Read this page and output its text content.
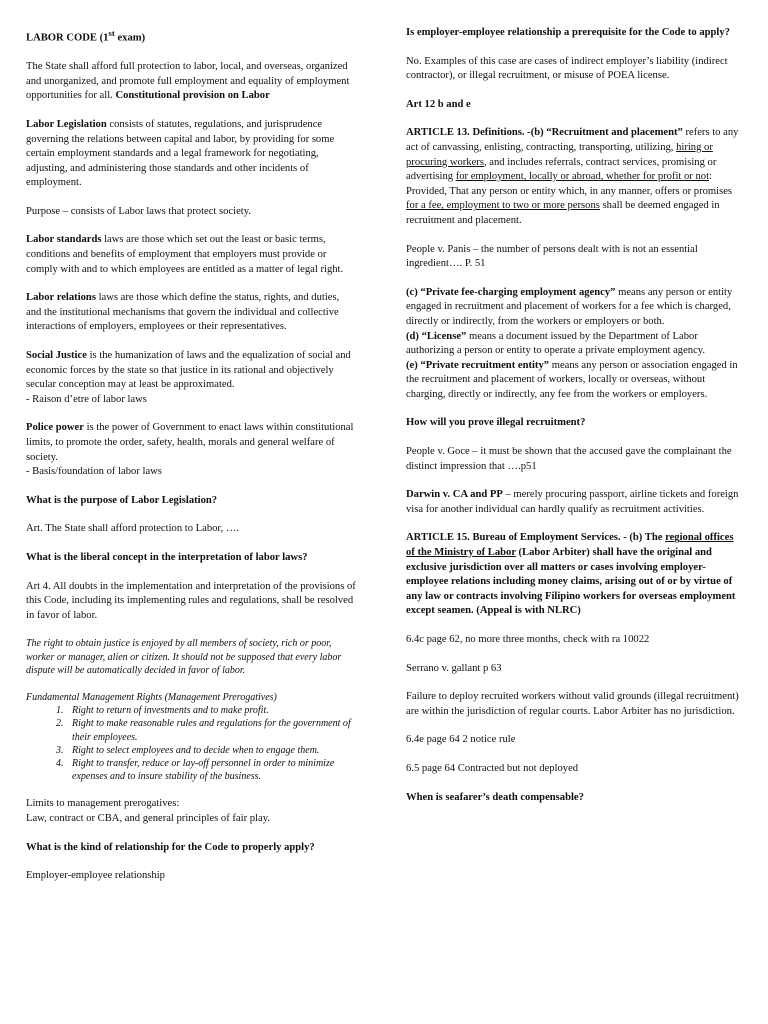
LABOR CODE (1st exam)

The State shall afford full protection to labor, local, and overseas, organized and unorganized, and promote full employment and equality of employment opportunities for all. Constitutional provision on Labor

Labor Legislation consists of statutes, regulations, and jurisprudence governing the relations between capital and labor, by providing for some certain employment standards and a legal framework for negotiating, adjusting, and administering those standards and other incidents of employment.

Purpose – consists of Labor laws that protect society.

Labor standards laws are those which set out the least or basic terms, conditions and benefits of employment that employers must provide or comply with and to which employees are entitled as a matter of legal right.

Labor relations laws are those which define the status, rights, and duties, and the institutional mechanisms that govern the individual and collective interactions of employers, employees or their representatives.

Social Justice is the humanization of laws and the equalization of social and economic forces by the state so that justice in its rational and objectively secular conception may at least be approximated.

- Raison d’etre of labor laws

Police power is the power of Government to enact laws within constitutional limits, to promote the order, safety, health, morals and general welfare of society.

- Basis/foundation of labor laws

What is the purpose of Labor Legislation?

Art. The State shall afford protection to Labor, ….

What is the liberal concept in the interpretation of labor laws?

Art 4. All doubts in the implementation and interpretation of the provisions of this Code, including its implementing rules and regulations, shall be resolved in favor of labor.

The right to obtain justice is enjoyed by all members of society, rich or poor, worker or manager, alien or citizen. It should not be supposed that every labor dispute will be automatically decided in favor of labor.

Fundamental Management Rights (Management Prerogatives)

1. Right to return of investments and to make profit.
2. Right to make reasonable rules and regulations for the government of their employees.
3. Right to select employees and to decide when to engage them.
4. Right to transfer, reduce or lay-off personnel in order to minimize expenses and to insure stability of the business.

Limits to management prerogatives:

Law, contract or CBA, and general principles of fair play.

What is the kind of relationship for the Code to properly apply?

Employer-employee relationship

Is employer-employee relationship a prerequisite for the Code to apply?

No. Examples of this case are cases of indirect employer’s liability (indirect contractor), or illegal recruitment, or misuse of POEA license.

Art 12 b and e

ARTICLE 13. Definitions. -(b) “Recruitment and placement” refers to any act of canvassing, enlisting, contracting, transporting, utilizing, hiring or procuring workers, and includes referrals, contract services, promising or advertising for employment, locally or abroad, whether for profit or not: Provided, That any person or entity which, in any manner, offers or promises for a fee, employment to two or more persons shall be deemed engaged in recruitment and placement.

People v. Panis – the number of persons dealt with is not an essential ingredient…. P. 51

(c) “Private fee-charging employment agency” means any person or entity engaged in recruitment and placement of workers for a fee which is charged, directly or indirectly, from the workers or employers or both.

(d) “License” means a document issued by the Department of Labor authorizing a person or entity to operate a private employment agency.

(e) “Private recruitment entity” means any person or association engaged in the recruitment and placement of workers, locally or overseas, without charging, directly or indirectly, any fee from the workers or employers.

How will you prove illegal recruitment?

People v. Goce – it must be shown that the accused gave the complainant the distinct impression that ….p51

Darwin v. CA and PP – merely procuring passport, airline tickets and foreign visa for another individual can hardly qualify as recruitment activities.

ARTICLE 15. Bureau of Employment Services. - (b) The regional offices of the Ministry of Labor (Labor Arbiter) shall have the original and exclusive jurisdiction over all matters or cases involving employer-employee relations including money claims, arising out of or by virtue of any law or contracts involving Filipino workers for overseas employment except seamen. (Appeal is with NLRC)

6.4c page 62, no more three months, check with ra 10022

Serrano v. gallant p 63

Failure to deploy recruited workers without valid grounds (illegal recruitment) are within the jurisdiction of regular courts. Labor Arbiter has no jurisdiction.

6.4e page 64 2 notice rule

6.5 page 64 Contracted but not deployed

When is seafarer’s death compensable?
